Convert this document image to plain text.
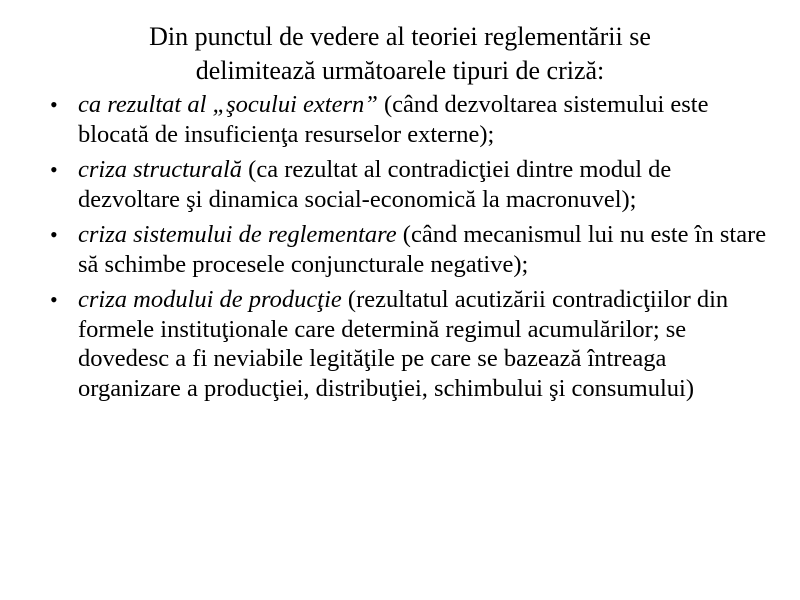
Din punctul de vedere al teoriei reglementării se
delimitează următoarele tipuri de criză:
• ca rezultat al „şocului extern” (când dezvoltarea sistemului este blocată de insuficienţa resurselor externe);
• criza structurală (ca rezultat al contradicţiei dintre modul de dezvoltare şi dinamica social-economică la macronuvel);
• criza sistemului de reglementare (când mecanismul lui nu este în stare să schimbe procesele conjuncturale negative);
• criza modului de producţie (rezultatul acutizării contradicţiilor din formele instituţionale care determină regimul acumulărilor; se dovedesc a fi neviabile legităţile pe care se bazează întreaga organizare a producţiei, distribuţiei, schimbului şi consumului)
